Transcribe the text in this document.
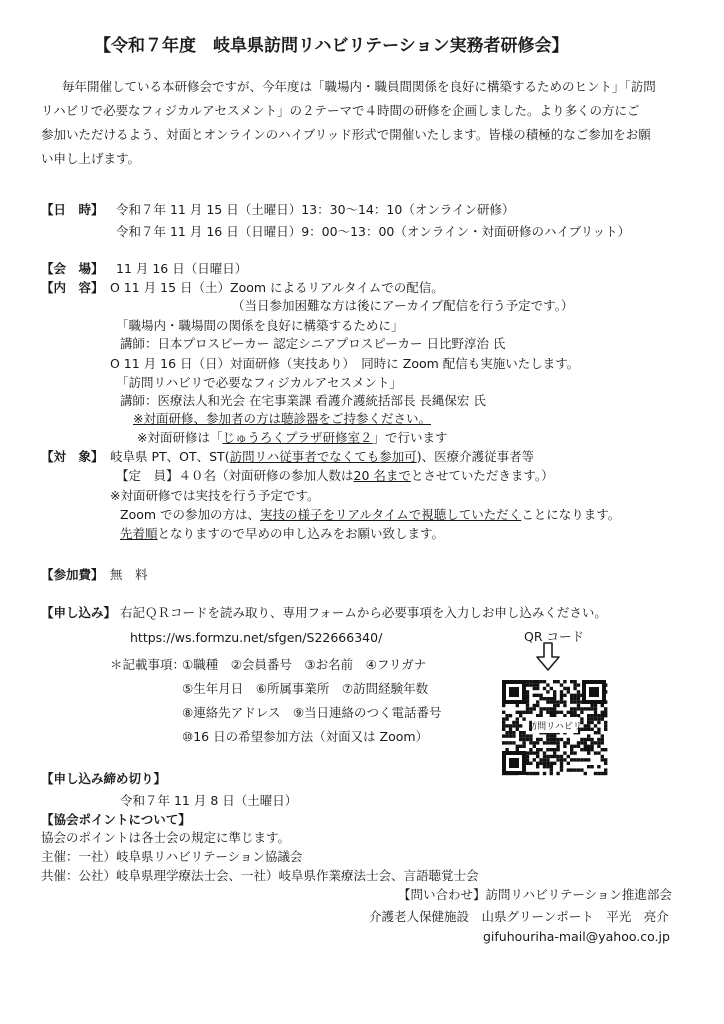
【令和７年度　岐阜県訪問リハビリテーション実務者研修会】
毎年開催している本研修会ですが、今年度は「職場内・職員間関係を良好に構築するためのヒント」「訪問
リハビリで必要なフィジカルアセスメント」の２テーマで４時間の研修を企画しました。より多くの方にご
参加いただけるよう、対面とオンラインのハイブリッド形式で開催いたします。皆様の積極的なご参加をお願
い申し上げます。
【日　時】 令和７年 11 月 15 日（土曜日）13：30〜14：10（オンライン研修）
令和７年 11 月 16 日（日曜日）9：00〜13：00（オンライン・対面研修のハイブリット）
【会　場】 11 月 16 日（日曜日）
【内　容】 O 11 月 15 日（土）Zoom によるリアルタイムでの配信。
（当日参加困難な方は後にアーカイブ配信を行う予定です。）
「職場内・職場間の関係を良好に構築するために」
講師：日本プロスピーカー 認定シニアプロスピーカー 日比野淳治 氏
O 11 月 16 日（日）対面研修（実技あり）　同時に Zoom 配信も実施いたします。
「訪問リハビリで必要なフィジカルアセスメント」
講師：医療法人和光会 在宅事業課 看護介護統括部長 長縄保宏 氏
※対面研修、参加者の方は聴診器をご持参ください。
※対面研修は「じゅうろくプラザ研修室２」で行います
【対　象】 岐阜県 PT、OT、ST(訪問リハ従事者でなくても参加可)、医療介護従事者等
【定　員】４０名（対面研修の参加人数は20 名までとさせていただきます。）
※対面研修では実技を行う予定です。
Zoom での参加の方は、実技の様子をリアルタイムで視聴していただくことになります。
先着順となりますので早めの申し込みをお願い致します。
【参加費】 無　料
【申し込み】 右記ＱＲコードを読み取り、専用フォームから必要事項を入力しお申し込みください。
https://ws.formzu.net/sfgen/S22666340/	QR コード
＊記載事項：
①職種　②会員番号　③お名前　④フリガナ
⑤生年月日　⑥所属事業所　⑦訪問経験年数
⑧連絡先アドレス　⑨当日連絡のつく電話番号
⑩16 日の希望参加方法（対面又は Zoom）
訪問リハビリ
【申し込み締め切り】
令和７年 11 月 8 日（土曜日）
【協会ポイントについて】
協会のポイントは各士会の規定に準じます。
主催：一社）岐阜県リハビリテーション協議会
共催：公社）岐阜県理学療法士会、一社）岐阜県作業療法士会、言語聴覚士会
【問い合わせ】訪問リハビリテーション推進部会
介護老人保健施設　山県グリーンポート　平光　亮介
gifuhouriha-mail@yahoo.co.jp
